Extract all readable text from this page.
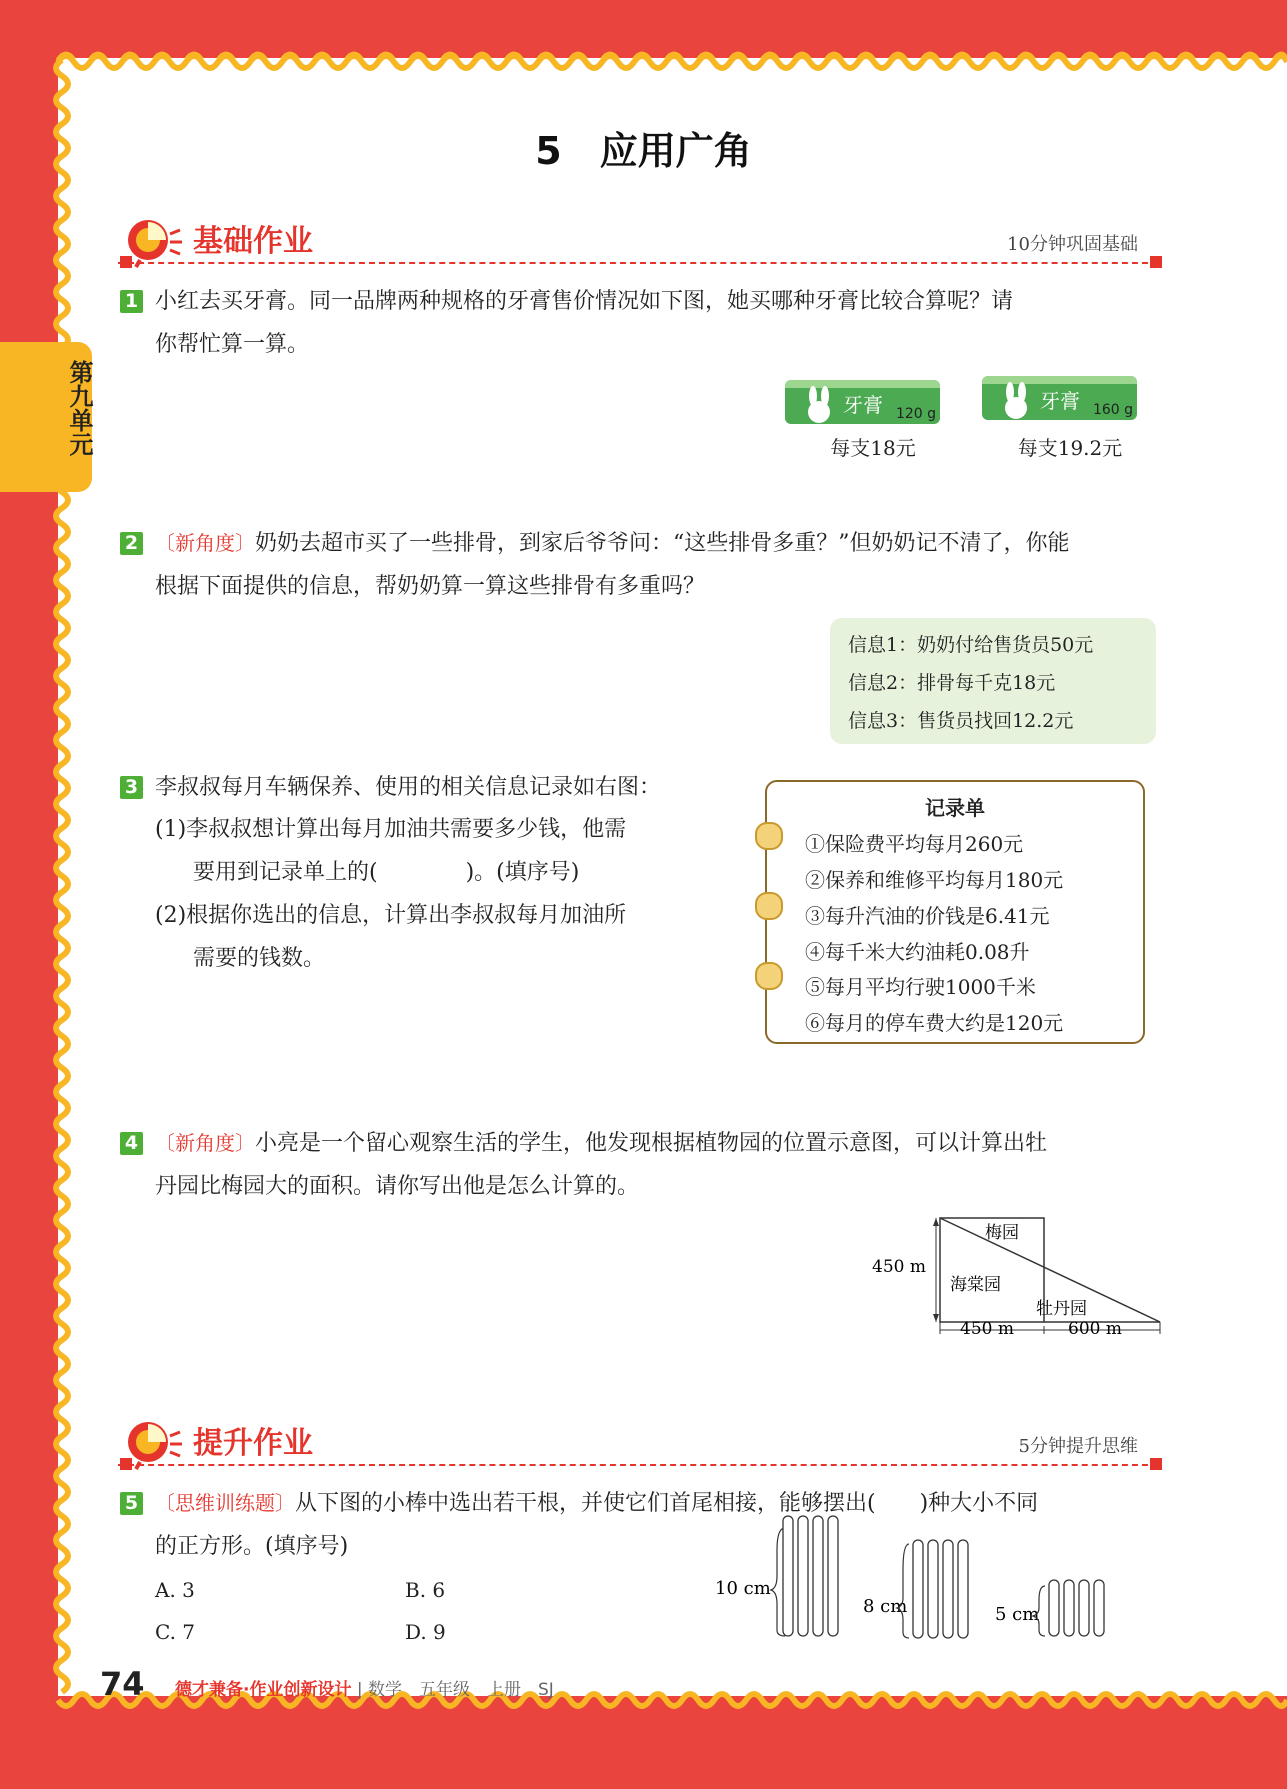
第九单元
5　应用广角
基础作业	10分钟巩固基础
1 小红去买牙膏。同一品牌两种规格的牙膏售价情况如下图，她买哪种牙膏比较合算呢？请
你帮忙算一算。
牙膏 120 g
每支18元
牙膏 160 g
每支19.2元
2 〔新角度〕奶奶去超市买了一些排骨，到家后爷爷问：“这些排骨多重？”但奶奶记不清了，你能
根据下面提供的信息，帮奶奶算一算这些排骨有多重吗？
信息1：奶奶付给售货员50元
信息2：排骨每千克18元
信息3：售货员找回12.2元
3 李叔叔每月车辆保养、使用的相关信息记录如右图：
(1)李叔叔想计算出每月加油共需要多少钱，他需
要用到记录单上的(　　　　)。(填序号)
(2)根据你选出的信息，计算出李叔叔每月加油所
需要的钱数。
记录单
①保险费平均每月260元
②保养和维修平均每月180元
③每升汽油的价钱是6.41元
④每千米大约油耗0.08升
⑤每月平均行驶1000千米
⑥每月的停车费大约是120元
4 〔新角度〕小亮是一个留心观察生活的学生，他发现根据植物园的位置示意图，可以计算出牡
丹园比梅园大的面积。请你写出他是怎么计算的。
梅园
海棠园
牡丹园
450 m
450 m	600 m
提升作业	5分钟提升思维
5 〔思维训练题〕从下图的小棒中选出若干根，并使它们首尾相接，能够摆出(　　)种大小不同
的正方形。(填序号)
A. 3	B. 6
C. 7	D. 9
10 cm
8 cm	5 cm
74 德才兼备·作业创新设计 | 数学　五年级　上册　SJ
